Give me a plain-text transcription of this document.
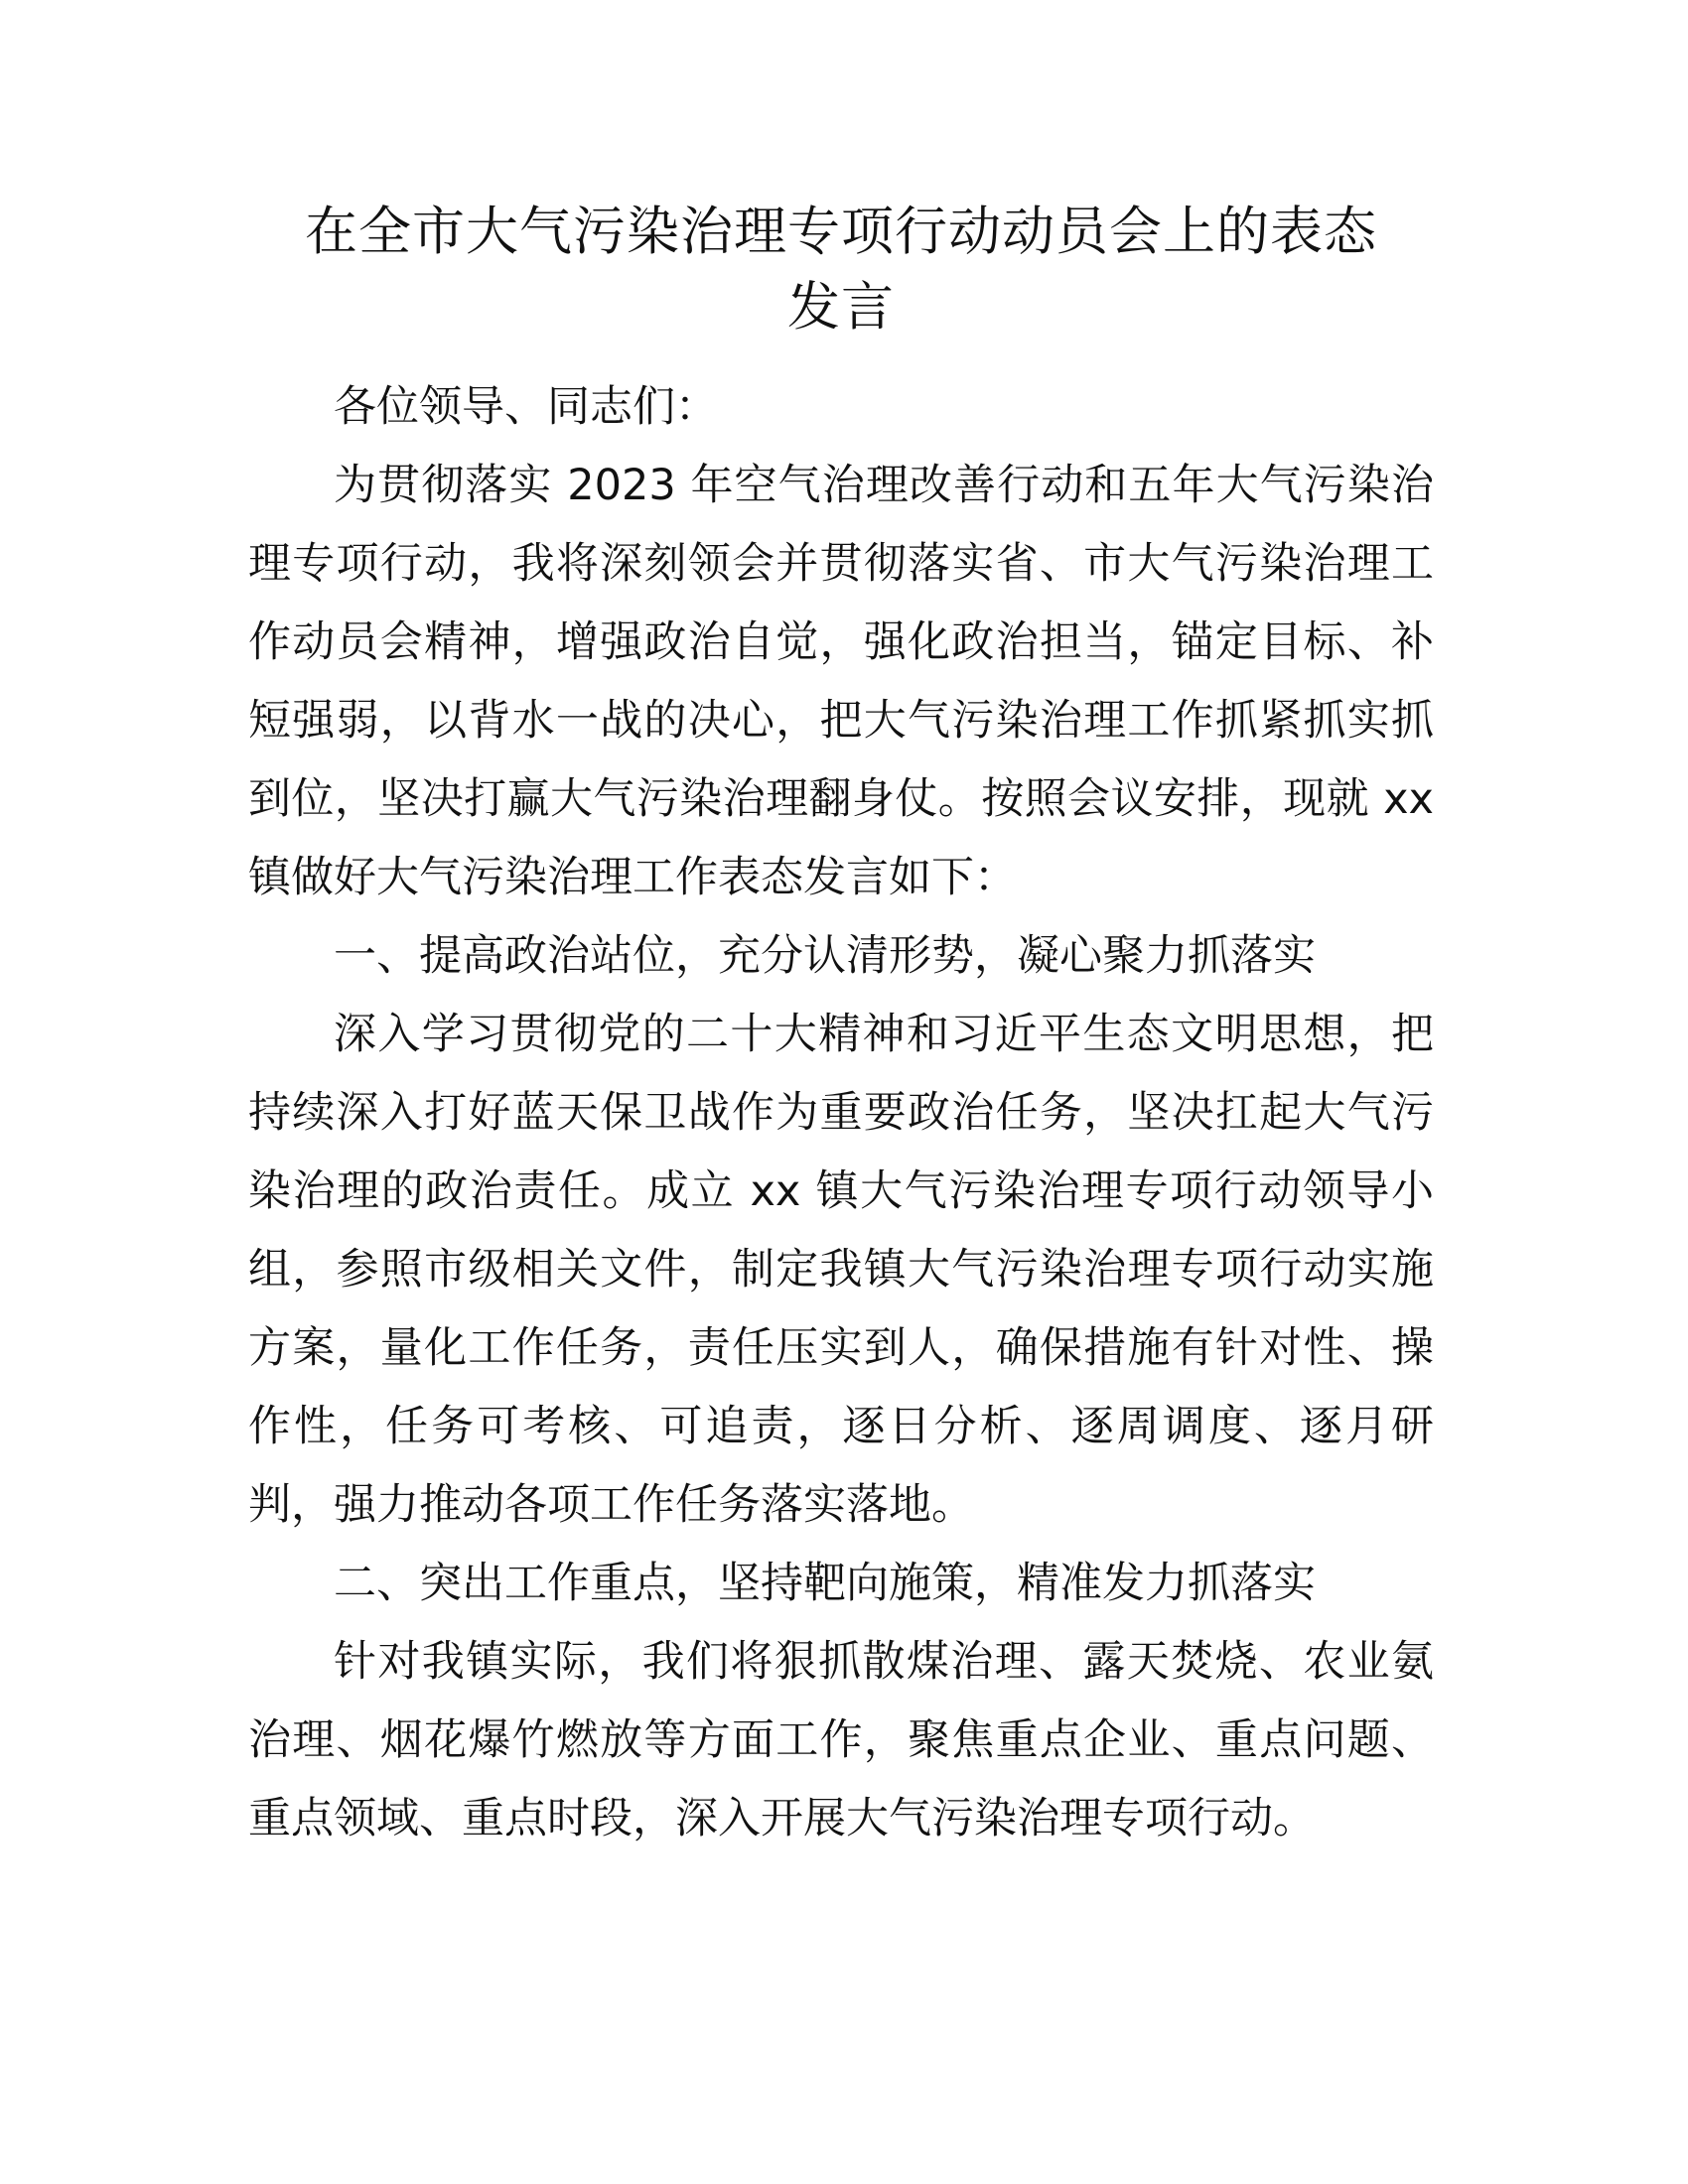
在全市大气污染治理专项行动动员会上的表态
发言

各位领导、同志们：

为贯彻落实 2023 年空气治理改善行动和五年大气污染治理专项行动，我将深刻领会并贯彻落实省、市大气污染治理工作动员会精神，增强政治自觉，强化政治担当，锚定目标、补短强弱，以背水一战的决心，把大气污染治理工作抓紧抓实抓到位，坚决打赢大气污染治理翻身仗。按照会议安排，现就 xx 镇做好大气污染治理工作表态发言如下：

一、提高政治站位，充分认清形势，凝心聚力抓落实

深入学习贯彻党的二十大精神和习近平生态文明思想，把持续深入打好蓝天保卫战作为重要政治任务，坚决扛起大气污染治理的政治责任。成立 xx 镇大气污染治理专项行动领导小组，参照市级相关文件，制定我镇大气污染治理专项行动实施方案，量化工作任务，责任压实到人，确保措施有针对性、操作性，任务可考核、可追责，逐日分析、逐周调度、逐月研判，强力推动各项工作任务落实落地。

二、突出工作重点，坚持靶向施策，精准发力抓落实

针对我镇实际，我们将狠抓散煤治理、露天焚烧、农业氨治理、烟花爆竹燃放等方面工作，聚焦重点企业、重点问题、重点领域、重点时段，深入开展大气污染治理专项行动。
